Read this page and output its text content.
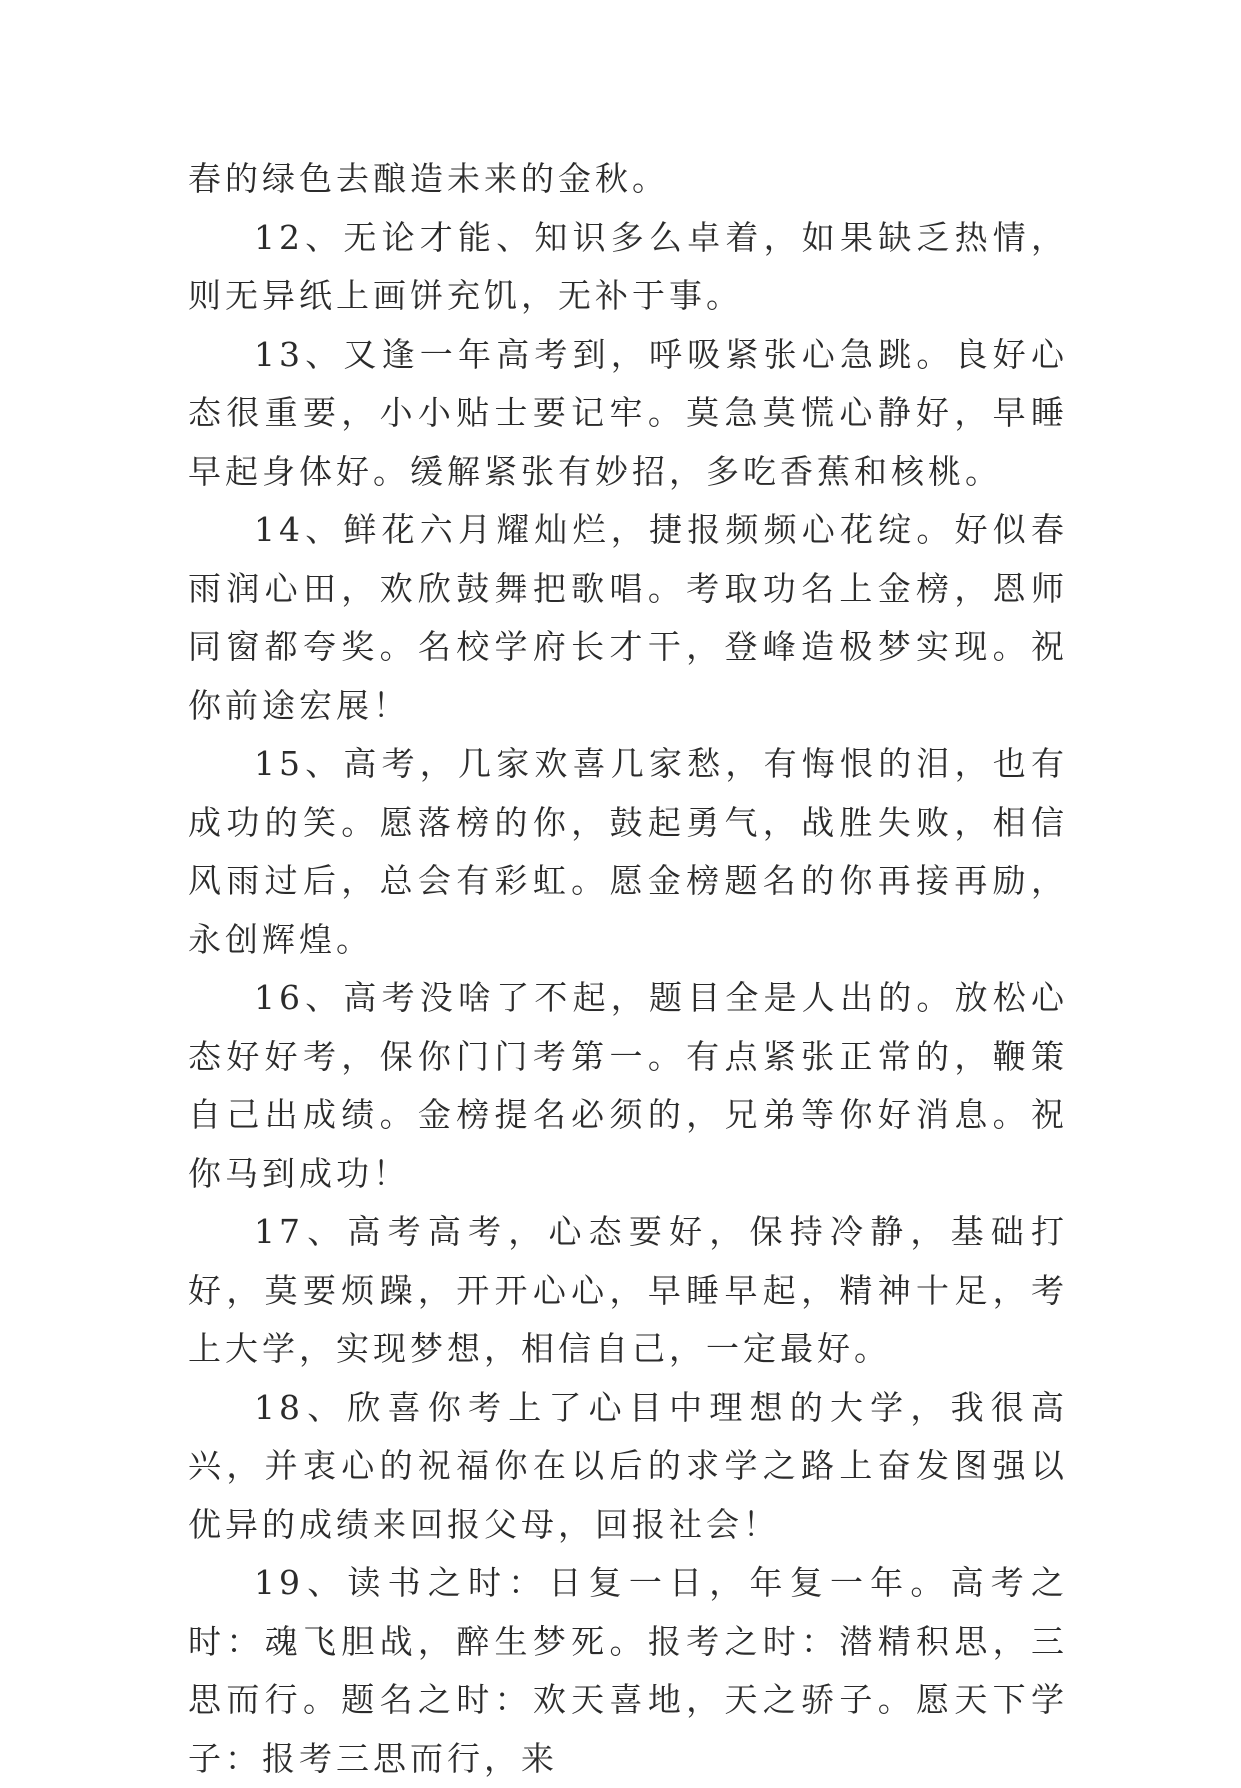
春的绿色去酿造未来的金秋。

12、无论才能、知识多么卓着，如果缺乏热情，则无异纸上画饼充饥，无补于事。

13、又逢一年高考到，呼吸紧张心急跳。良好心态很重要，小小贴士要记牢。莫急莫慌心静好，早睡早起身体好。缓解紧张有妙招，多吃香蕉和核桃。

14、鲜花六月耀灿烂，捷报频频心花绽。好似春雨润心田，欢欣鼓舞把歌唱。考取功名上金榜，恩师同窗都夸奖。名校学府长才干，登峰造极梦实现。祝你前途宏展！

15、高考，几家欢喜几家愁，有悔恨的泪，也有成功的笑。愿落榜的你，鼓起勇气，战胜失败，相信风雨过后，总会有彩虹。愿金榜题名的你再接再励，永创辉煌。

16、高考没啥了不起，题目全是人出的。放松心态好好考，保你门门考第一。有点紧张正常的，鞭策自己出成绩。金榜提名必须的，兄弟等你好消息。祝你马到成功！

17、高考高考，心态要好，保持冷静，基础打好，莫要烦躁，开开心心，早睡早起，精神十足，考上大学，实现梦想，相信自己，一定最好。

18、欣喜你考上了心目中理想的大学，我很高兴，并衷心的祝福你在以后的求学之路上奋发图强以优异的成绩来回报父母，回报社会！

19、读书之时：日复一日，年复一年。高考之时：魂飞胆战，醉生梦死。报考之时：潜精积思，三思而行。题名之时：欢天喜地，天之骄子。愿天下学子：报考三思而行，来
